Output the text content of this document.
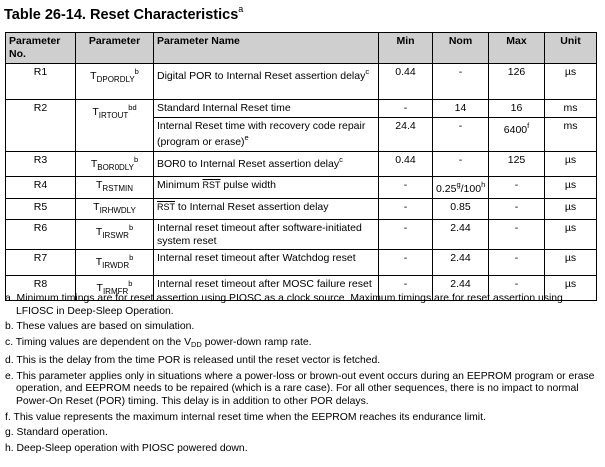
Table 26-14. Reset Characteristics$^a$
Parameter No.	Parameter	Parameter Name	Min	Nom	Max	Unit
R1	$T_{DPORDLY}^b$	Digital POR to Internal Reset assertion delay$^c$	0.44	-	126	µs
R2	$T_{IRTOUT}^{bd}$	Standard Internal Reset time	-	14	16	ms
		Internal Reset time with recovery code repair (program or erase)$^e$	24.4	-	6400$^f$	ms
R3	$T_{BOR0DLY}^b$	BOR0 to Internal Reset assertion delay$^c$	0.44	-	125	µs
R4	$T_{RSTMIN}$	Minimum $\overline{RST}$ pulse width	-	0.25$^g$/100$^h$	-	µs
R5	$T_{IRHWDLY}$	$\overline{RST}$ to Internal Reset assertion delay	-	0.85	-	µs
R6	$T_{IRSWR}^b$	Internal reset timeout after software-initiated system reset	-	2.44	-	µs
R7	$T_{IRWDR}^b$	Internal reset timeout after Watchdog reset	-	2.44	-	µs
R8	$T_{IRMFR}^b$	Internal reset timeout after MOSC failure reset	-	2.44	-	µs

a. Minimum timings are for reset assertion using PIOSC as a clock source. Maximum timings are for reset assertion using LFIOSC in Deep-Sleep Operation.

b. These values are based on simulation.

c. Timing values are dependent on the $V_{DD}$ power-down ramp rate.

d. This is the delay from the time POR is released until the reset vector is fetched.

e. This parameter applies only in situations where a power-loss or brown-out event occurs during an EEPROM program or erase operation, and EEPROM needs to be repaired (which is a rare case). For all other sequences, there is no impact to normal Power-On Reset (POR) timing. This delay is in addition to other POR delays.

f. This value represents the maximum internal reset time when the EEPROM reaches its endurance limit.

g. Standard operation.

h. Deep-Sleep operation with PIOSC powered down.
